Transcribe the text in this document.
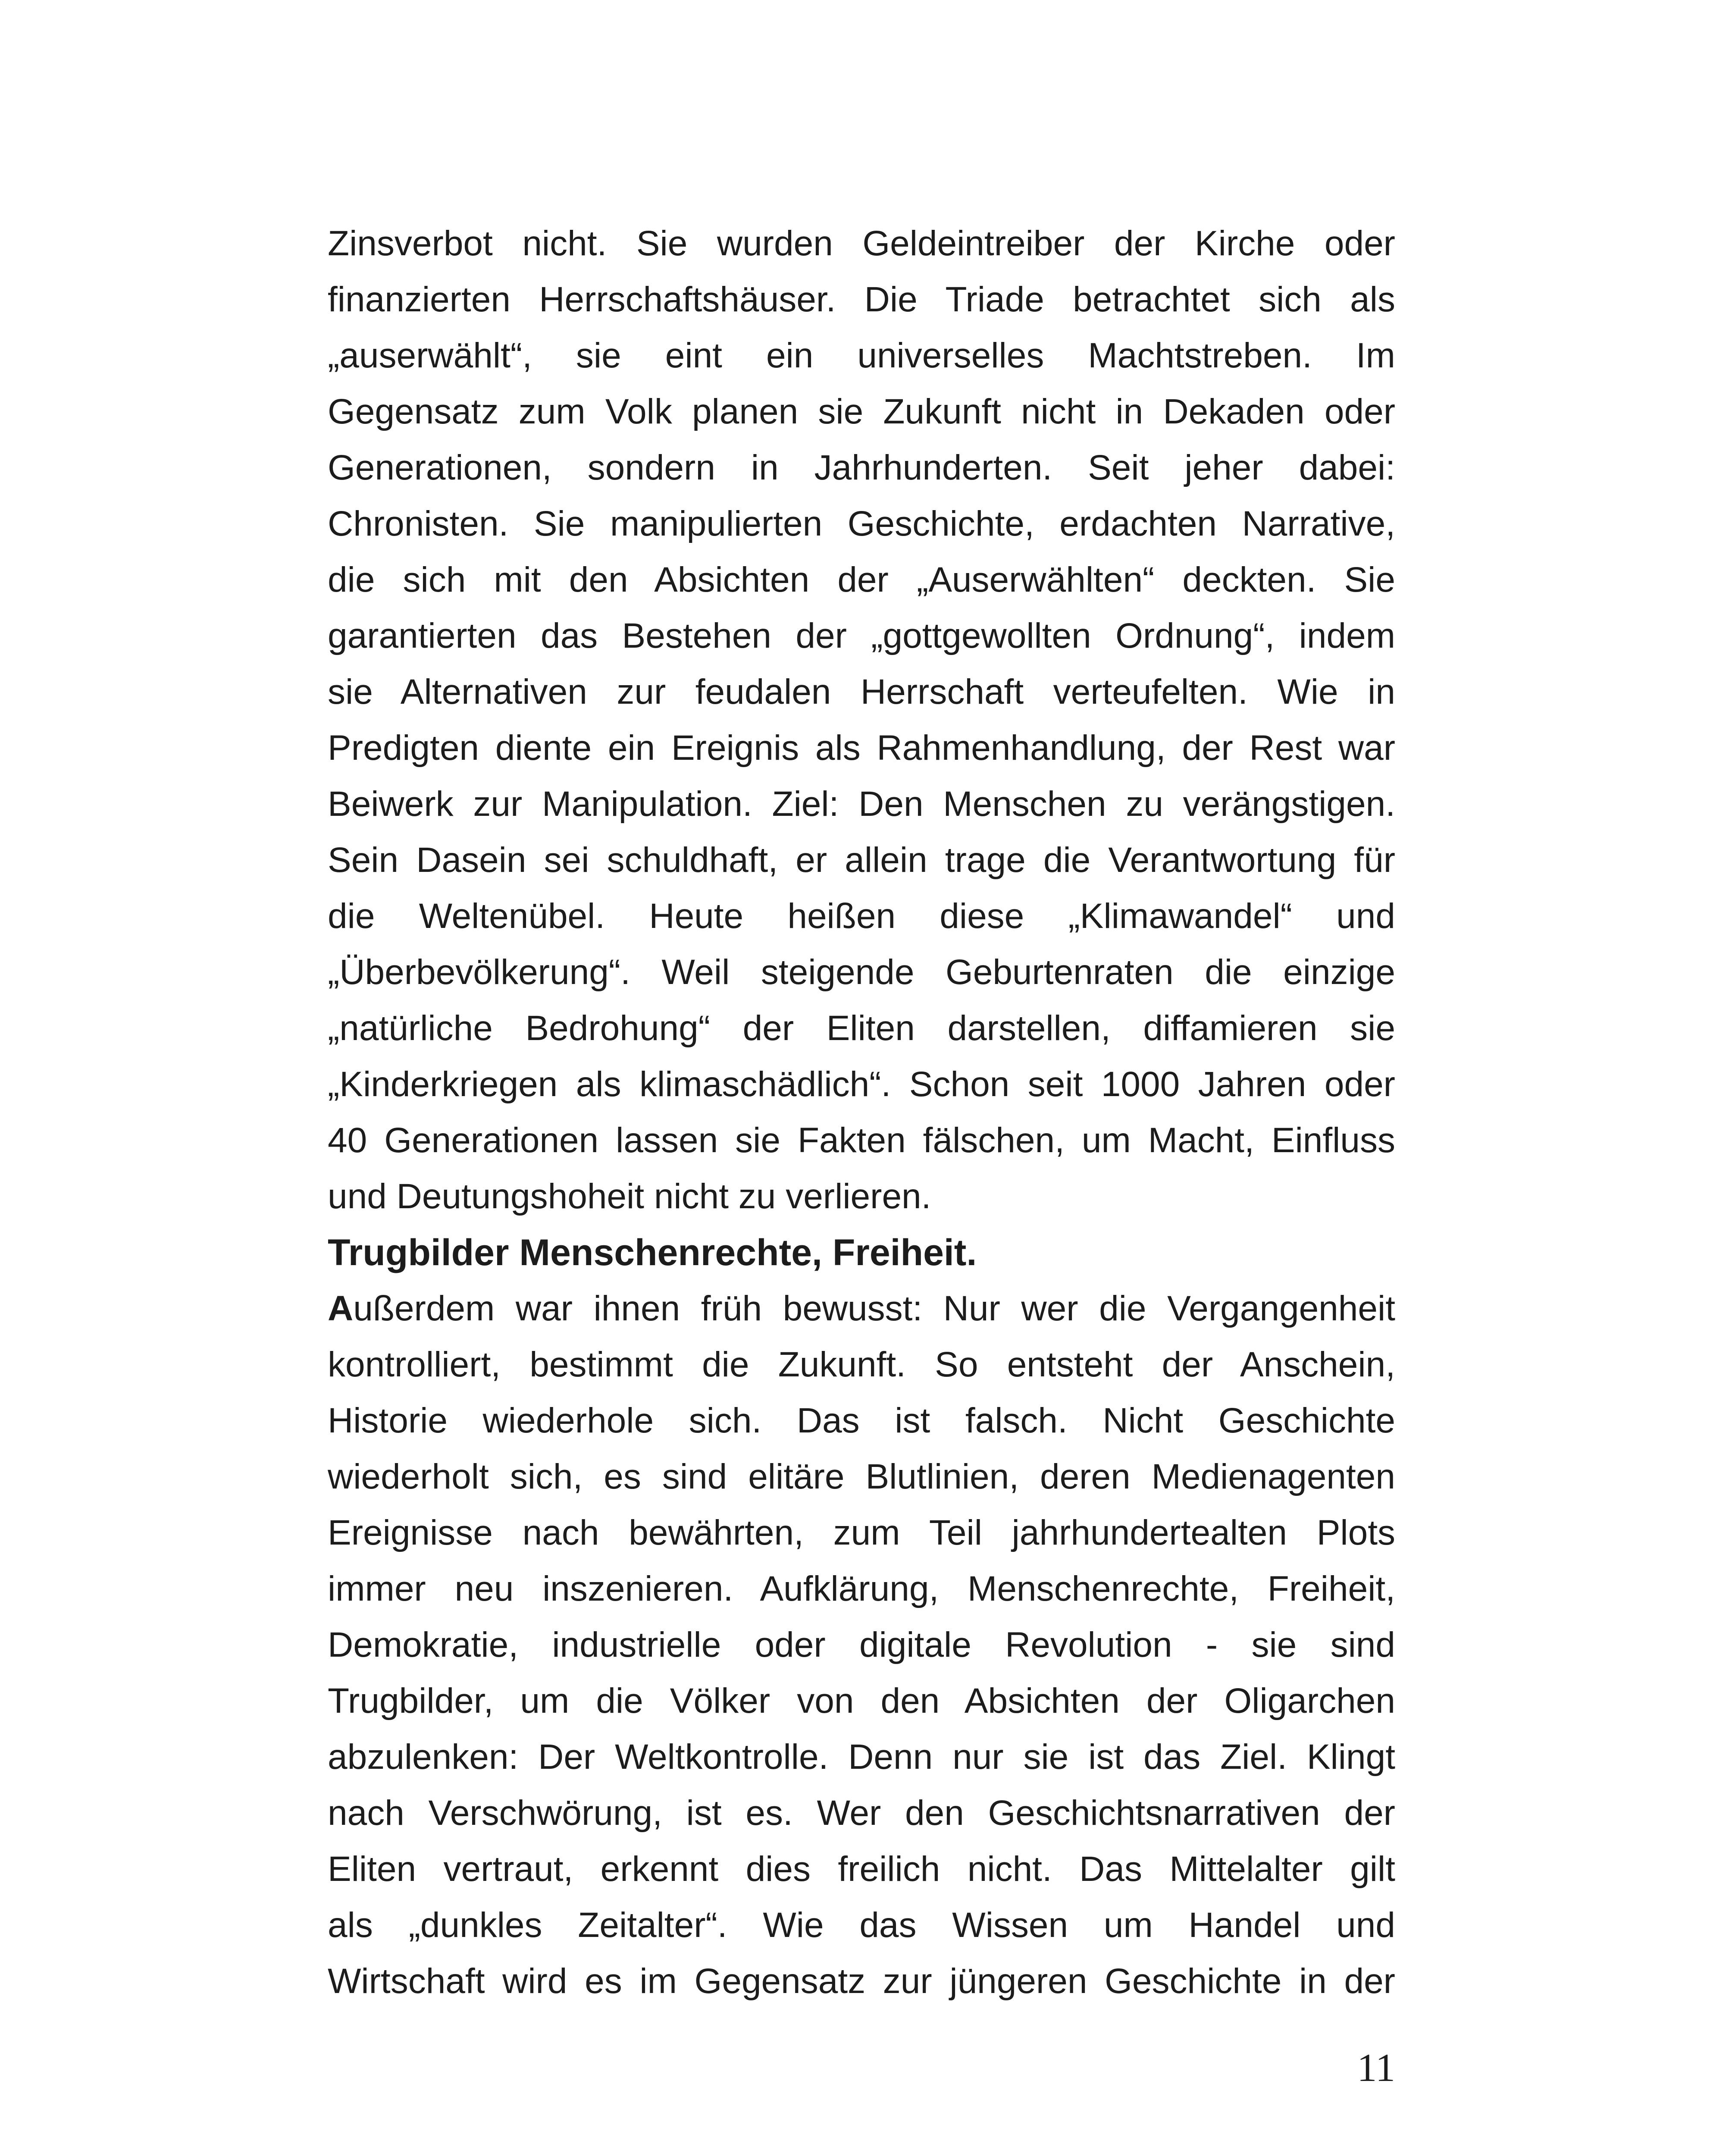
Zinsverbot nicht. Sie wurden Geldeintreiber der Kirche oder
finanzierten Herrschaftshäuser. Die Triade betrachtet sich als
„auserwählt“, sie eint ein universelles Machtstreben. Im
Gegensatz zum Volk planen sie Zukunft nicht in Dekaden oder
Generationen, sondern in Jahrhunderten. Seit jeher dabei:
Chronisten. Sie manipulierten Geschichte, erdachten Narrative,
die sich mit den Absichten der „Auserwählten“ deckten. Sie
garantierten das Bestehen der „gottgewollten Ordnung“, indem
sie Alternativen zur feudalen Herrschaft verteufelten. Wie in
Predigten diente ein Ereignis als Rahmenhandlung, der Rest war
Beiwerk zur Manipulation. Ziel: Den Menschen zu verängstigen.
Sein Dasein sei schuldhaft, er allein trage die Verantwortung für
die Weltenübel. Heute heißen diese „Klimawandel“ und
„Überbevölkerung“. Weil steigende Geburtenraten die einzige
„natürliche Bedrohung“ der Eliten darstellen, diffamieren sie
„Kinderkriegen als klimaschädlich“. Schon seit 1000 Jahren oder
40 Generationen lassen sie Fakten fälschen, um Macht, Einfluss
und Deutungshoheit nicht zu verlieren.
Trugbilder Menschenrechte, Freiheit.
Außerdem war ihnen früh bewusst: Nur wer die Vergangenheit
kontrolliert, bestimmt die Zukunft. So entsteht der Anschein,
Historie wiederhole sich. Das ist falsch. Nicht Geschichte
wiederholt sich, es sind elitäre Blutlinien, deren Medienagenten
Ereignisse nach bewährten, zum Teil jahrhundertealten Plots
immer neu inszenieren. Aufklärung, Menschenrechte, Freiheit,
Demokratie, industrielle oder digitale Revolution - sie sind
Trugbilder, um die Völker von den Absichten der Oligarchen
abzulenken: Der Weltkontrolle. Denn nur sie ist das Ziel. Klingt
nach Verschwörung, ist es. Wer den Geschichtsnarrativen der
Eliten vertraut, erkennt dies freilich nicht. Das Mittelalter gilt
als „dunkles Zeitalter“. Wie das Wissen um Handel und
Wirtschaft wird es im Gegensatz zur jüngeren Geschichte in der
11
